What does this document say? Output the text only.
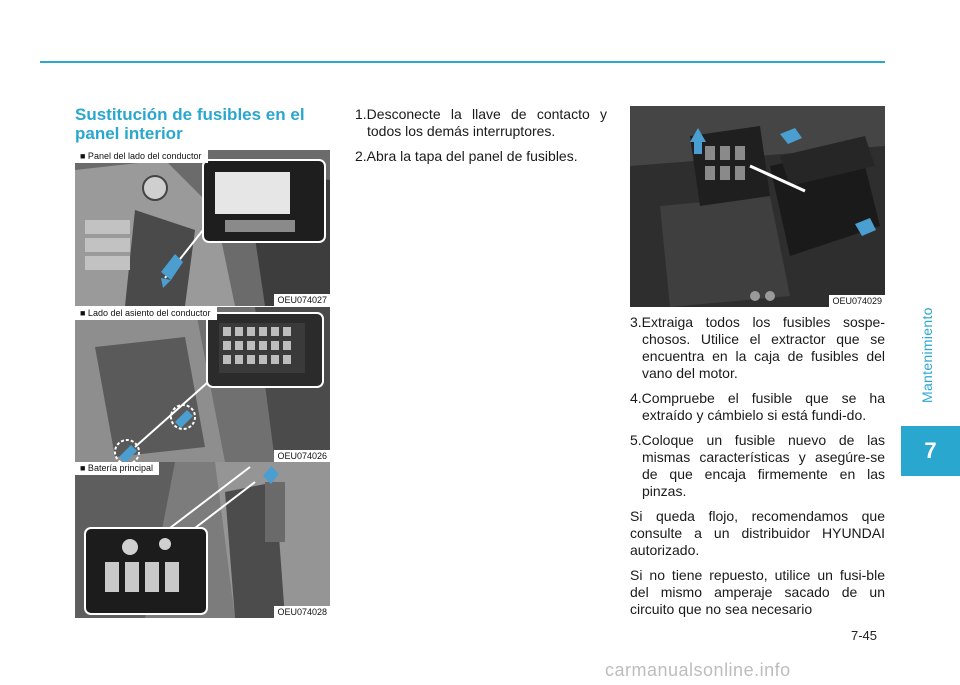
Sustitución de fusibles en el panel interior
■ Panel del lado del conductor
OEU074027
■ Lado del asiento del conductor
OEU074026
■ Batería principal
OEU074028
OEU074029

1.Desconecte la llave de contacto y todos los demás interruptores.

2.Abra la tapa del panel de fusibles.

3.Extraiga todos los fusibles sospe-chosos. Utilice el extractor que se encuentra en la caja de fusibles del vano del motor.

4.Compruebe el fusible que se ha extraído y cámbielo si está fundi-do.

5.Coloque un fusible nuevo de las mismas características y asegúre-se de que encaja firmemente en las pinzas.

Si queda flojo, recomendamos que consulte a un distribuidor HYUNDAI autorizado.

Si no tiene repuesto, utilice un fusi-ble del mismo amperaje sacado de un circuito que no sea necesario

Mantenimiento
7
7-45
carmanualsonline.info
